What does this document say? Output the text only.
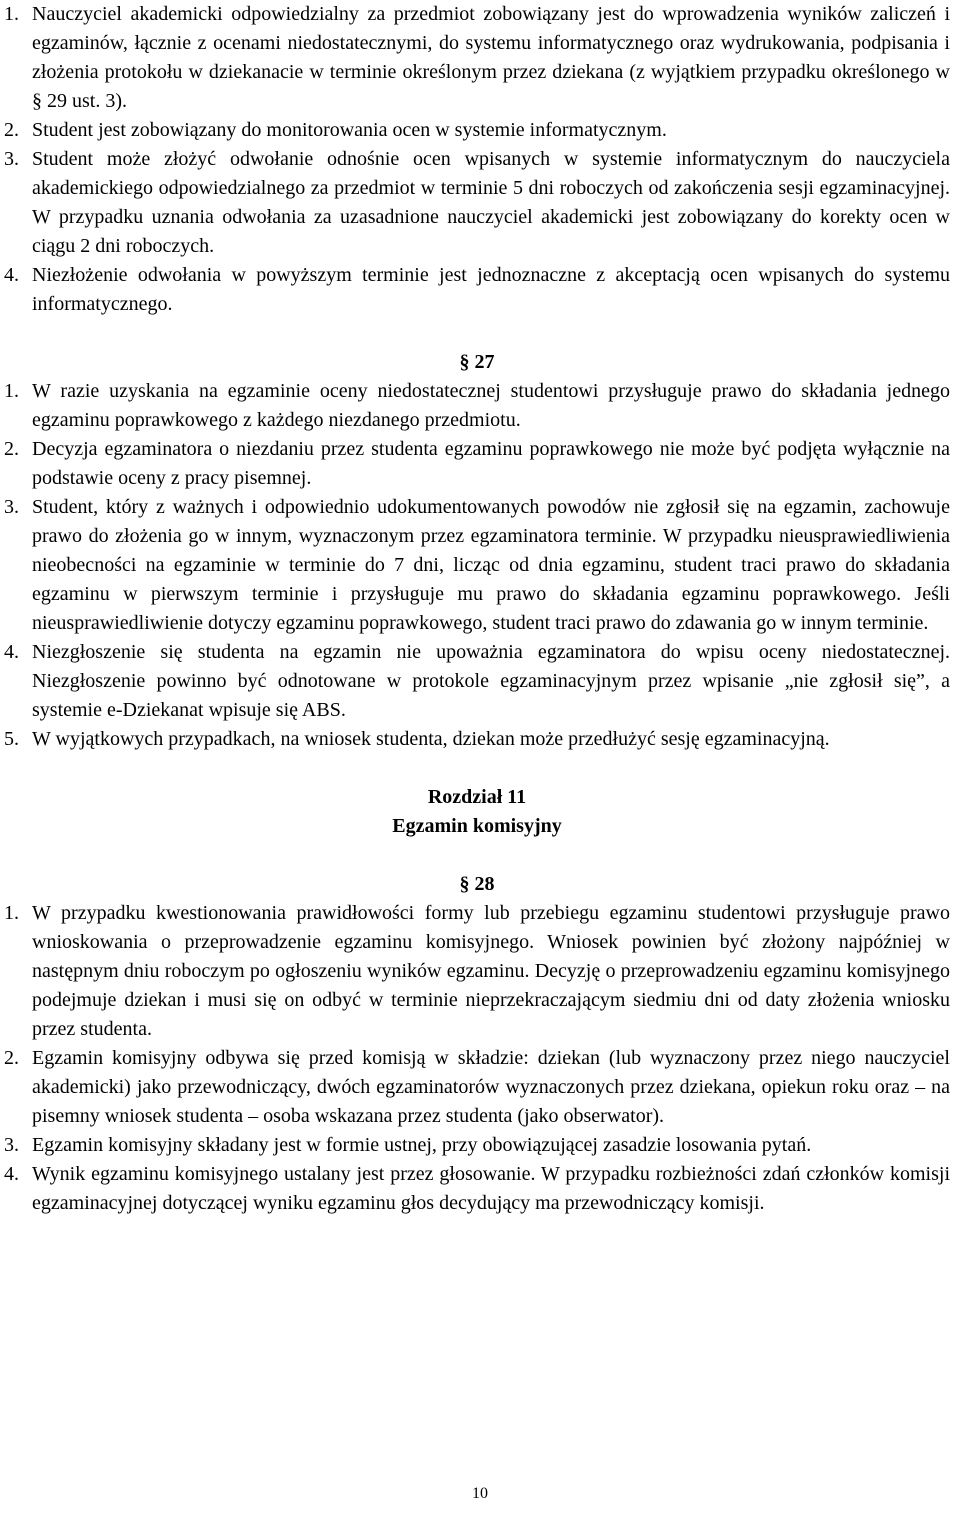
1. Nauczyciel akademicki odpowiedzialny za przedmiot zobowiązany jest do wprowadzenia wyników zaliczeń i egzaminów, łącznie z ocenami niedostatecznymi, do systemu informatycznego oraz wydrukowania, podpisania i złożenia protokołu w dziekanacie w terminie określonym przez dziekana (z wyjątkiem przypadku określonego w § 29 ust. 3).

2. Student jest zobowiązany do monitorowania ocen w systemie informatycznym.

3. Student może złożyć odwołanie odnośnie ocen wpisanych w systemie informatycznym do nauczyciela akademickiego odpowiedzialnego za przedmiot w terminie 5 dni roboczych od zakończenia sesji egzaminacyjnej. W przypadku uznania odwołania za uzasadnione nauczyciel akademicki jest zobowiązany do korekty ocen w ciągu 2 dni roboczych.

4. Niezłożenie odwołania w powyższym terminie jest jednoznaczne z akceptacją ocen wpisanych do systemu informatycznego.

§ 27
1. W razie uzyskania na egzaminie oceny niedostatecznej studentowi przysługuje prawo do składania jednego egzaminu poprawkowego z każdego niezdanego przedmiotu.

2. Decyzja egzaminatora o niezdaniu przez studenta egzaminu poprawkowego nie może być podjęta wyłącznie na podstawie oceny z pracy pisemnej.

3. Student, który z ważnych i odpowiednio udokumentowanych powodów nie zgłosił się na egzamin, zachowuje prawo do złożenia go w innym, wyznaczonym przez egzaminatora terminie. W przypadku nieusprawiedliwienia nieobecności na egzaminie w terminie do 7 dni, licząc od dnia egzaminu, student traci prawo do składania egzaminu w pierwszym terminie i przysługuje mu prawo do składania egzaminu poprawkowego. Jeśli nieusprawiedliwienie dotyczy egzaminu poprawkowego, student traci prawo do zdawania go w innym terminie.

4. Niezgłoszenie się studenta na egzamin nie upoważnia egzaminatora do wpisu oceny niedostatecznej. Niezgłoszenie powinno być odnotowane w protokole egzaminacyjnym przez wpisanie „nie zgłosił się”, a systemie e-Dziekanat wpisuje się ABS.

5. W wyjątkowych przypadkach, na wniosek studenta, dziekan może przedłużyć sesję egzaminacyjną.

Rozdział 11
Egzamin komisyjny
§ 28
1. W przypadku kwestionowania prawidłowości formy lub przebiegu egzaminu studentowi przysługuje prawo wnioskowania o przeprowadzenie egzaminu komisyjnego. Wniosek powinien być złożony najpóźniej w następnym dniu roboczym po ogłoszeniu wyników egzaminu. Decyzję o przeprowadzeniu egzaminu komisyjnego podejmuje dziekan i musi się on odbyć w terminie nieprzekraczającym siedmiu dni od daty złożenia wniosku przez studenta.

2. Egzamin komisyjny odbywa się przed komisją w składzie: dziekan (lub wyznaczony przez niego nauczyciel akademicki) jako przewodniczący, dwóch egzaminatorów wyznaczonych przez dziekana, opiekun roku oraz – na pisemny wniosek studenta – osoba wskazana przez studenta (jako obserwator).

3. Egzamin komisyjny składany jest w formie ustnej, przy obowiązującej zasadzie losowania pytań.

4. Wynik egzaminu komisyjnego ustalany jest przez głosowanie. W przypadku rozbieżności zdań członków komisji egzaminacyjnej dotyczącej wyniku egzaminu głos decydujący ma przewodniczący komisji.

10
